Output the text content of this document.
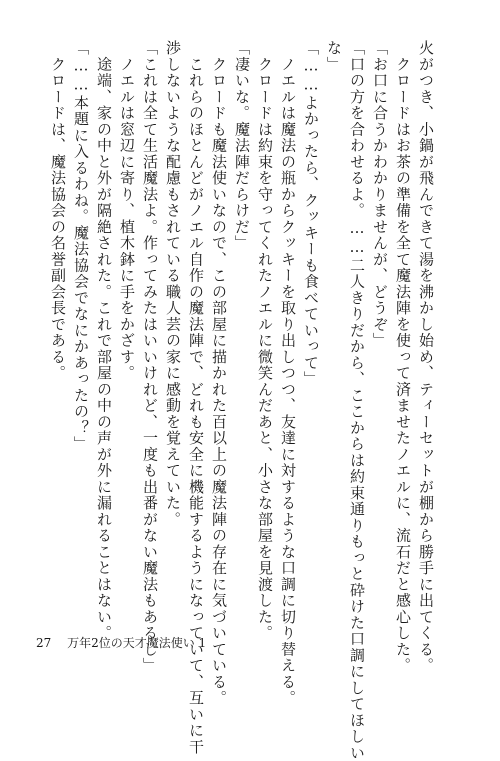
火がつき、小鍋が飛んできて湯を沸かし始め、ティーセットが棚から勝手に出てくる。
　クロードはお茶の準備を全て魔法陣を使って済ませたノエルに、流石だと感心した。
「お口に合うかわかりませんが、どうぞ」
「口の方を合わせるよ。……二人きりだから、ここからは約束通りもっと砕けた口調にしてほしい
な」
「……よかったら、クッキーも食べていって」
　ノエルは魔法の瓶からクッキーを取り出しつつ、友達に対するような口調に切り替える。
　クロードは約束を守ってくれたノエルに微笑んだあと、小さな部屋を見渡した。
「凄いな。魔法陣だらけだ」
　クロードも魔法使いなので、この部屋に描かれた百以上の魔法陣の存在に気づいている。
　これらのほとんどがノエル自作の魔法陣で、どれも安全に機能するようになっていて、互いに干
渉しないような配慮もされている職人芸の家に感動を覚えていた。
「これは全て生活魔法よ。作ってみたはいいけれど、一度も出番がない魔法もあるし」
　ノエルは窓辺に寄り、植木鉢に手をかざす。
　途端、家の中と外が隔絶された。これで部屋の中の声が外に漏れることはない。
「……本題に入るわね。魔法協会でなにかあったの？」
　クロードは、魔法協会の名誉副会長である。
27 万年2位の天才魔法使い 1
